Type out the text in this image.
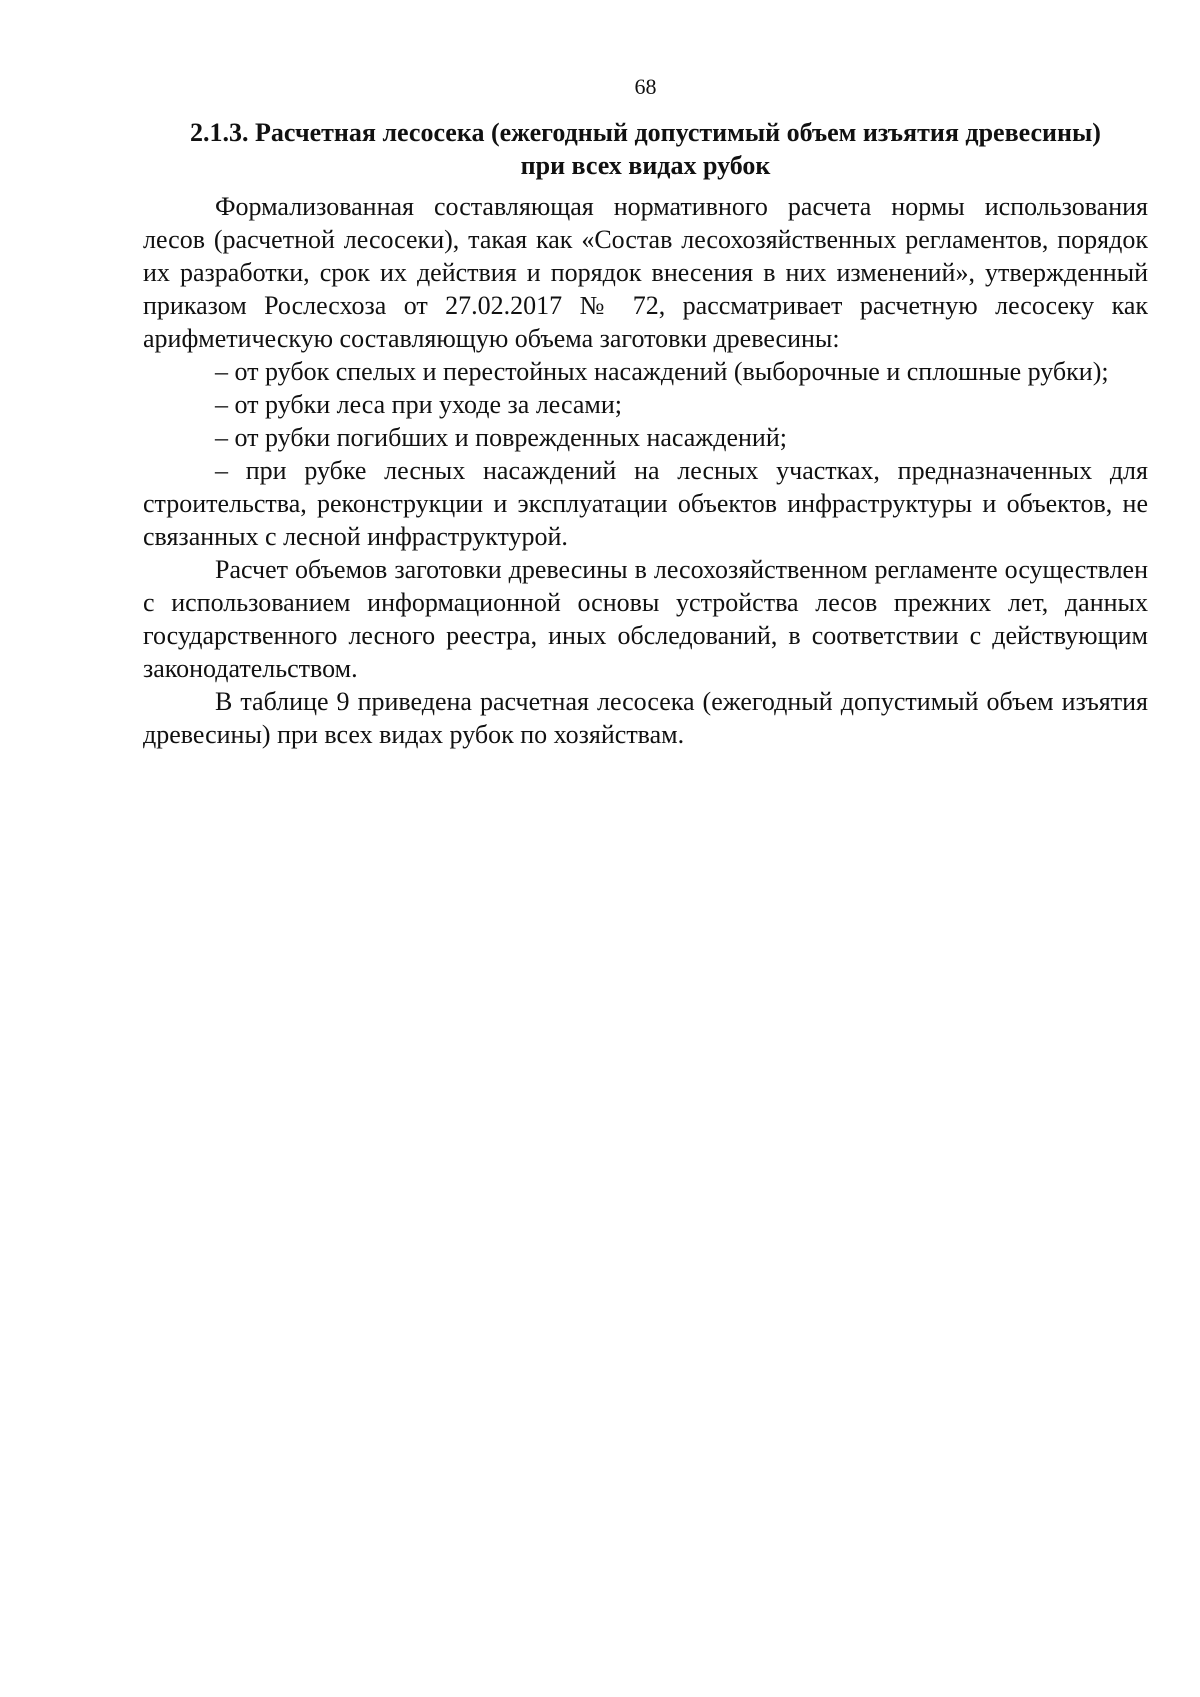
68
2.1.3. Расчетная лесосека (ежегодный допустимый объем изъятия древесины)
при всех видах рубок

Формализованная составляющая нормативного расчета нормы использования лесов (расчетной лесосеки), такая как «Состав лесохозяйственных регламентов, порядок их разработки, срок их действия и порядок внесения в них изменений», утвержденный приказом Рослесхоза от 27.02.2017 № 72, рассматривает расчетную лесосеку как арифметическую составляющую объема заготовки древесины:

– от рубок спелых и перестойных насаждений (выборочные и сплошные рубки);

– от рубки леса при уходе за лесами;

– от рубки погибших и поврежденных насаждений;

– при рубке лесных насаждений на лесных участках, предназначенных для строительства, реконструкции и эксплуатации объектов инфраструктуры и объектов, не связанных с лесной инфраструктурой.

Расчет объемов заготовки древесины в лесохозяйственном регламенте осуществлен с использованием информационной основы устройства лесов прежних лет, данных государственного лесного реестра, иных обследований, в соответствии с действующим законодательством.

В таблице 9 приведена расчетная лесосека (ежегодный допустимый объем изъятия древесины) при всех видах рубок по хозяйствам.
